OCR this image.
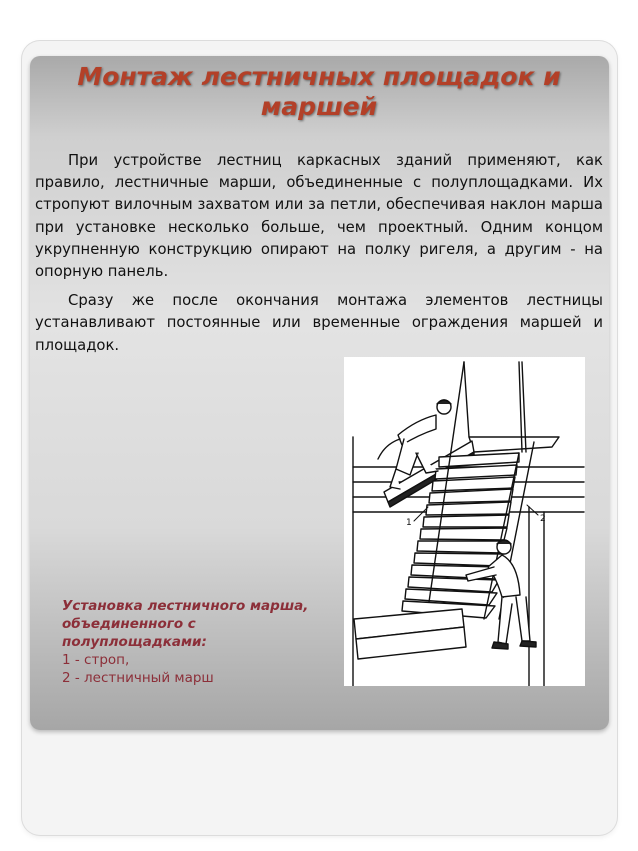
Монтаж лестничных площадок и маршей

При устройстве лестниц каркасных зданий применяют, как правило, лестничные марши, объединенные с полуплощадками. Их стропуют вилочным захватом или за петли, обеспечивая наклон марша при установке несколько больше, чем проектный. Одним концом укрупненную конструкцию опирают на полку ригеля, а другим - на опорную панель.

Сразу же после окончания монтажа элементов лестницы устанавливают постоянные или временные ограждения маршей и площадок.

1	2
Установка лестничного марша, объединенного с полуплощадками:
1 - строп,
2 - лестничный марш
